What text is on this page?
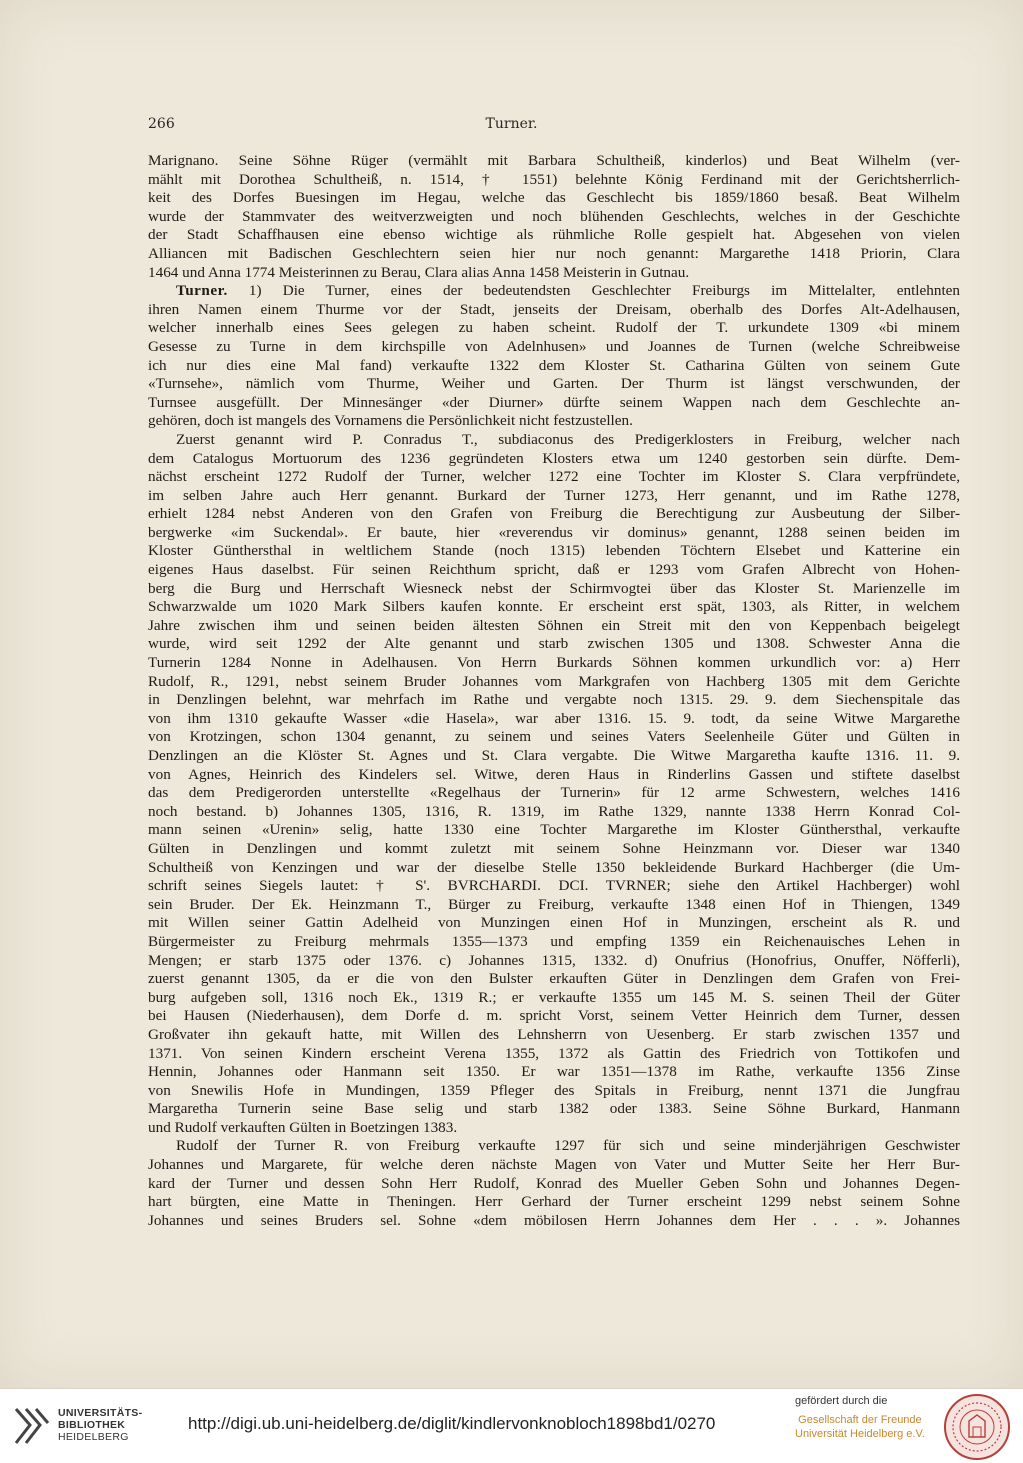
266	Turner.
Marignano. Seine Söhne Rüger (vermählt mit Barbara Schultheiß, kinderlos) und Beat Wilhelm (ver-
mählt mit Dorothea Schultheiß, n. 1514, † 1551) belehnte König Ferdinand mit der Gerichtsherrlich-
keit des Dorfes Buesingen im Hegau, welche das Geschlecht bis 1859/1860 besaß. Beat Wilhelm
wurde der Stammvater des weitverzweigten und noch blühenden Geschlechts, welches in der Geschichte
der Stadt Schaffhausen eine ebenso wichtige als rühmliche Rolle gespielt hat. Abgesehen von vielen
Alliancen mit Badischen Geschlechtern seien hier nur noch genannt: Margarethe 1418 Priorin, Clara
1464 und Anna 1774 Meisterinnen zu Berau, Clara alias Anna 1458 Meisterin in Gutnau.
Turner. 1) Die Turner, eines der bedeutendsten Geschlechter Freiburgs im Mittelalter, entlehnten
ihren Namen einem Thurme vor der Stadt, jenseits der Dreisam, oberhalb des Dorfes Alt-Adelhausen,
welcher innerhalb eines Sees gelegen zu haben scheint. Rudolf der T. urkundete 1309 «bi minem
Gesesse zu Turne in dem kirchspille von Adelnhusen» und Joannes de Turnen (welche Schreibweise
ich nur dies eine Mal fand) verkaufte 1322 dem Kloster St. Catharina Gülten von seinem Gute
«Turnsehe», nämlich vom Thurme, Weiher und Garten. Der Thurm ist längst verschwunden, der
Turnsee ausgefüllt. Der Minnesänger «der Diurner» dürfte seinem Wappen nach dem Geschlechte an-
gehören, doch ist mangels des Vornamens die Persönlichkeit nicht festzustellen.
Zuerst genannt wird P. Conradus T., subdiaconus des Predigerklosters in Freiburg, welcher nach
dem Catalogus Mortuorum des 1236 gegründeten Klosters etwa um 1240 gestorben sein dürfte. Dem-
nächst erscheint 1272 Rudolf der Turner, welcher 1272 eine Tochter im Kloster S. Clara verpfründete,
im selben Jahre auch Herr genannt. Burkard der Turner 1273, Herr genannt, und im Rathe 1278,
erhielt 1284 nebst Anderen von den Grafen von Freiburg die Berechtigung zur Ausbeutung der Silber-
bergwerke «im Suckendal». Er baute, hier «reverendus vir dominus» genannt, 1288 seinen beiden im
Kloster Günthersthal in weltlichem Stande (noch 1315) lebenden Töchtern Elsebet und Katterine ein
eigenes Haus daselbst. Für seinen Reichthum spricht, daß er 1293 vom Grafen Albrecht von Hohen-
berg die Burg und Herrschaft Wiesneck nebst der Schirmvogtei über das Kloster St. Marienzelle im
Schwarzwalde um 1020 Mark Silbers kaufen konnte. Er erscheint erst spät, 1303, als Ritter, in welchem
Jahre zwischen ihm und seinen beiden ältesten Söhnen ein Streit mit den von Keppenbach beigelegt
wurde, wird seit 1292 der Alte genannt und starb zwischen 1305 und 1308. Schwester Anna die
Turnerin 1284 Nonne in Adelhausen. Von Herrn Burkards Söhnen kommen urkundlich vor: a) Herr
Rudolf, R., 1291, nebst seinem Bruder Johannes vom Markgrafen von Hachberg 1305 mit dem Gerichte
in Denzlingen belehnt, war mehrfach im Rathe und vergabte noch 1315. 29. 9. dem Siechenspitale das
von ihm 1310 gekaufte Wasser «die Hasela», war aber 1316. 15. 9. todt, da seine Witwe Margarethe
von Krotzingen, schon 1304 genannt, zu seinem und seines Vaters Seelenheile Güter und Gülten in
Denzlingen an die Klöster St. Agnes und St. Clara vergabte. Die Witwe Margaretha kaufte 1316. 11. 9.
von Agnes, Heinrich des Kindelers sel. Witwe, deren Haus in Rinderlins Gassen und stiftete daselbst
das dem Predigerorden unterstellte «Regelhaus der Turnerin» für 12 arme Schwestern, welches 1416
noch bestand. b) Johannes 1305, 1316, R. 1319, im Rathe 1329, nannte 1338 Herrn Konrad Col-
mann seinen «Urenin» selig, hatte 1330 eine Tochter Margarethe im Kloster Günthersthal, verkaufte
Gülten in Denzlingen und kommt zuletzt mit seinem Sohne Heinzmann vor. Dieser war 1340
Schultheiß von Kenzingen und war der dieselbe Stelle 1350 bekleidende Burkard Hachberger (die Um-
schrift seines Siegels lautet: † S'. BVRCHARDI. DCI. TVRNER; siehe den Artikel Hachberger) wohl
sein Bruder. Der Ek. Heinzmann T., Bürger zu Freiburg, verkaufte 1348 einen Hof in Thiengen, 1349
mit Willen seiner Gattin Adelheid von Munzingen einen Hof in Munzingen, erscheint als R. und
Bürgermeister zu Freiburg mehrmals 1355—1373 und empfing 1359 ein Reichenauisches Lehen in
Mengen; er starb 1375 oder 1376. c) Johannes 1315, 1332. d) Onufrius (Honofrius, Onuffer, Nöfferli),
zuerst genannt 1305, da er die von den Bulster erkauften Güter in Denzlingen dem Grafen von Frei-
burg aufgeben soll, 1316 noch Ek., 1319 R.; er verkaufte 1355 um 145 M. S. seinen Theil der Güter
bei Hausen (Niederhausen), dem Dorfe d. m. spricht Vorst, seinem Vetter Heinrich dem Turner, dessen
Großvater ihn gekauft hatte, mit Willen des Lehnsherrn von Uesenberg. Er starb zwischen 1357 und
1371. Von seinen Kindern erscheint Verena 1355, 1372 als Gattin des Friedrich von Tottikofen und
Hennin, Johannes oder Hanmann seit 1350. Er war 1351—1378 im Rathe, verkaufte 1356 Zinse
von Snewilis Hofe in Mundingen, 1359 Pfleger des Spitals in Freiburg, nennt 1371 die Jungfrau
Margaretha Turnerin seine Base selig und starb 1382 oder 1383. Seine Söhne Burkard, Hanmann
und Rudolf verkauften Gülten in Boetzingen 1383.
Rudolf der Turner R. von Freiburg verkaufte 1297 für sich und seine minderjährigen Geschwister
Johannes und Margarete, für welche deren nächste Magen von Vater und Mutter Seite her Herr Bur-
kard der Turner und dessen Sohn Herr Rudolf, Konrad des Mueller Geben Sohn und Johannes Degen-
hart bürgten, eine Matte in Theningen. Herr Gerhard der Turner erscheint 1299 nebst seinem Sohne
Johannes und seines Bruders sel. Sohne «dem möbilosen Herrn Johannes dem Her . . . ». Johannes
UNIVERSITÄTS-
BIBLIOTHEK
HEIDELBERG
http://digi.ub.uni-heidelberg.de/diglit/kindlervonknobloch1898bd1/0270
gefördert durch die
Gesellschaft der Freunde
Universität Heidelberg e.V.
